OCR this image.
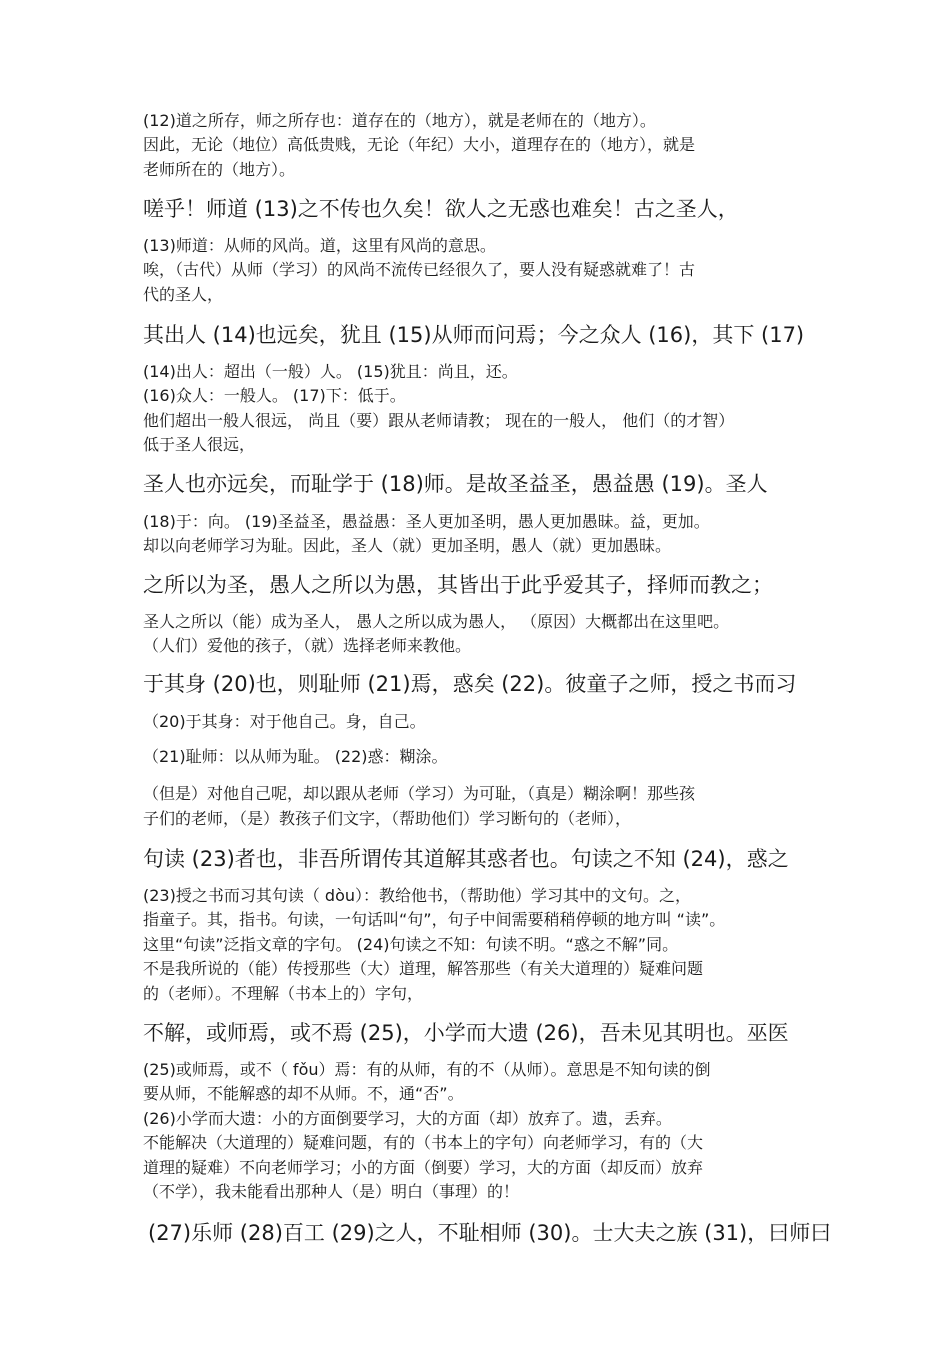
(12)道之所存，师之所存也：道存在的（地方），就是老师在的（地方）。
因此，无论（地位）高低贵贱，无论（年纪）大小，道理存在的（地方），就是
老师所在的（地方）。
嗟乎！师道 (13)之不传也久矣！欲人之无惑也难矣！古之圣人，
(13)师道：从师的风尚。道，这里有风尚的意思。
唉，（古代）从师（学习）的风尚不流传已经很久了，要人没有疑惑就难了！古
代的圣人，
其出人 (14)也远矣，犹且 (15)从师而问焉；今之众人 (16)，其下 (17)
(14)出人：超出（一般）人。 (15)犹且：尚且，还。
(16)众人：一般人。 (17)下：低于。
他们超出一般人很远， 尚且（要）跟从老师请教； 现在的一般人， 他们（的才智）
低于圣人很远，
圣人也亦远矣，而耻学于 (18)师。是故圣益圣，愚益愚 (19)。圣人
(18)于：向。 (19)圣益圣，愚益愚：圣人更加圣明，愚人更加愚昧。益，更加。
却以向老师学习为耻。因此，圣人（就）更加圣明，愚人（就）更加愚昧。
之所以为圣，愚人之所以为愚，其皆出于此乎爱其子，择师而教之；
圣人之所以（能）成为圣人， 愚人之所以成为愚人， （原因）大概都出在这里吧。
（人们）爱他的孩子，（就）选择老师来教他。
于其身 (20)也，则耻师 (21)焉，惑矣 (22)。彼童子之师，授之书而习
（20)于其身：对于他自己。身，自己。
（21)耻师：以从师为耻。 (22)惑：糊涂。
（但是）对他自己呢，却以跟从老师（学习）为可耻，（真是）糊涂啊！那些孩
子们的老师，（是）教孩子们文字，（帮助他们）学习断句的（老师），
句读 (23)者也，非吾所谓传其道解其惑者也。句读之不知 (24)，惑之
(23)授之书而习其句读（ dòu）：教给他书，（帮助他）学习其中的文句。之，
指童子。其，指书。句读，一句话叫“句”，句子中间需要稍稍停顿的地方叫 “读”。
这里“句读”泛指文章的字句。 (24)句读之不知：句读不明。“惑之不解”同。
不是我所说的（能）传授那些（大）道理，解答那些（有关大道理的）疑难问题
的（老师）。不理解（书本上的）字句，
不解，或师焉，或不焉 (25)，小学而大遗 (26)，吾未见其明也。巫医
(25)或师焉，或不（ fǒu）焉：有的从师，有的不（从师）。意思是不知句读的倒
要从师，不能解惑的却不从师。不，通“否”。
(26)小学而大遗：小的方面倒要学习，大的方面（却）放弃了。遗，丢弃。
不能解决（大道理的）疑难问题，有的（书本上的字句）向老师学习，有的（大
道理的疑难）不向老师学习；小的方面（倒要）学习，大的方面（却反而）放弃
（不学），我未能看出那种人（是）明白（事理）的！
(27)乐师 (28)百工 (29)之人，不耻相师 (30)。士大夫之族 (31)，曰师曰
